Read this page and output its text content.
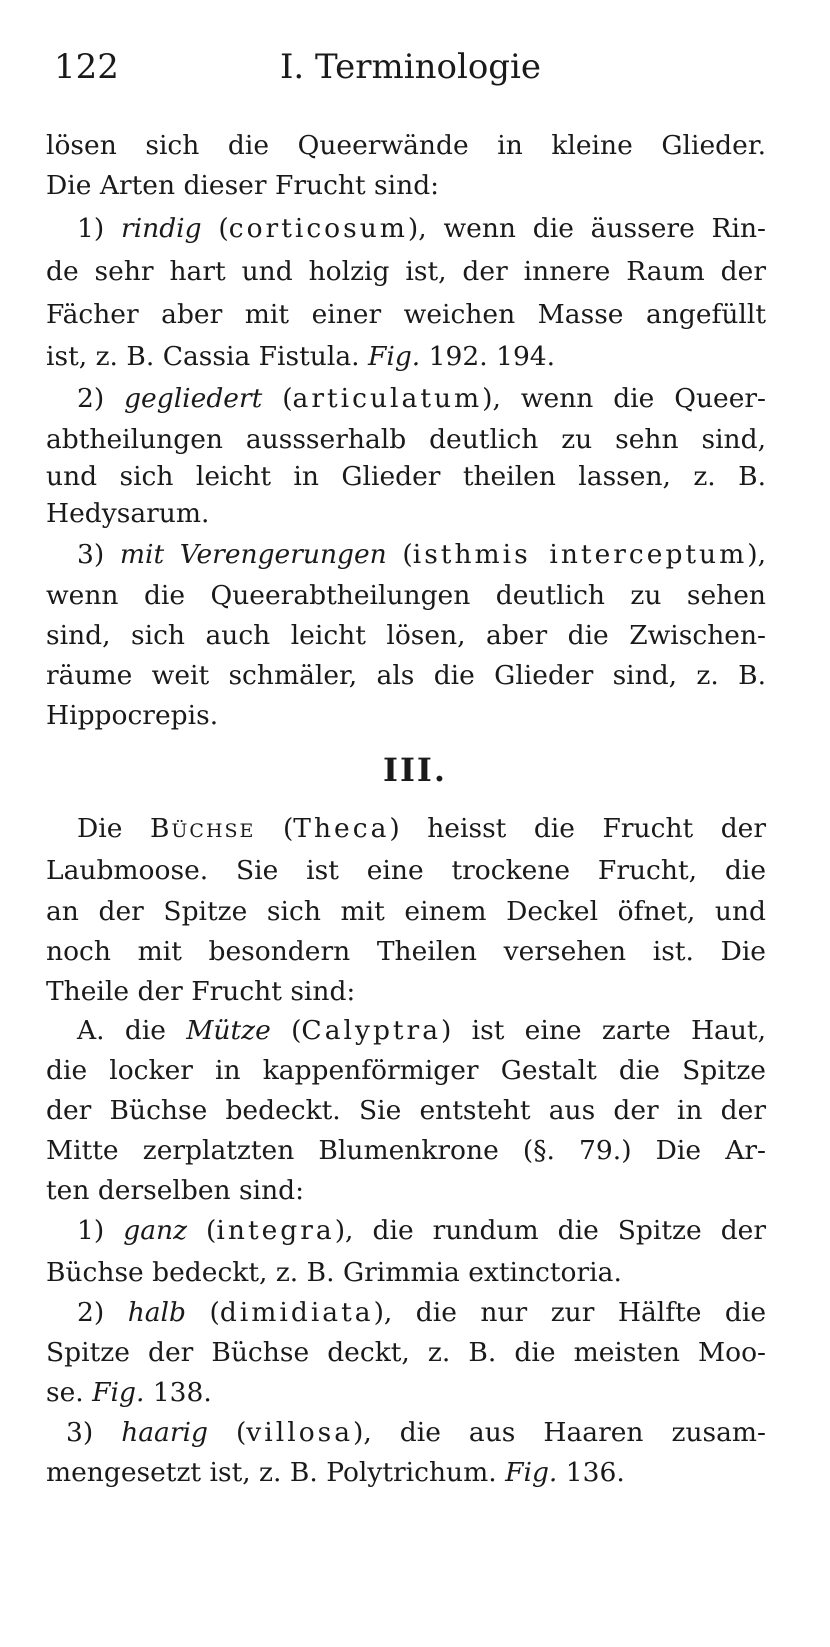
122	I. Terminologie

lösen sich die Queerwände in kleine Glieder.

Die Arten dieser Frucht sind:

1) rindig (corticosum), wenn die äussere Rin-

de sehr hart und holzig ist, der innere Raum der

Fächer aber mit einer weichen Masse angefüllt

ist, z. B. Cassia Fistula. Fig. 192. 194.

2) gegliedert (articulatum), wenn die Queer-

abtheilungen aussserhalb deutlich zu sehn sind,

und sich leicht in Glieder theilen lassen, z. B.

Hedysarum.

3) mit Verengerungen (isthmis interceptum),

wenn die Queerabtheilungen deutlich zu sehen

sind, sich auch leicht lösen, aber die Zwischen-

räume weit schmäler, als die Glieder sind, z. B.

Hippocrepis.

III.

Die Büchse (Theca) heisst die Frucht der

Laubmoose. Sie ist eine trockene Frucht, die

an der Spitze sich mit einem Deckel öfnet, und

noch mit besondern Theilen versehen ist. Die

Theile der Frucht sind:

A. die Mütze (Calyptra) ist eine zarte Haut,

die locker in kappenförmiger Gestalt die Spitze

der Büchse bedeckt. Sie entsteht aus der in der

Mitte zerplatzten Blumenkrone (§. 79.) Die Ar-

ten derselben sind:

1) ganz (integra), die rundum die Spitze der

Büchse bedeckt, z. B. Grimmia extinctoria.

2) halb (dimidiata), die nur zur Hälfte die

Spitze der Büchse deckt, z. B. die meisten Moo-

se. Fig. 138.

3) haarig (villosa), die aus Haaren zusam-

mengesetzt ist, z. B. Polytrichum. Fig. 136.
